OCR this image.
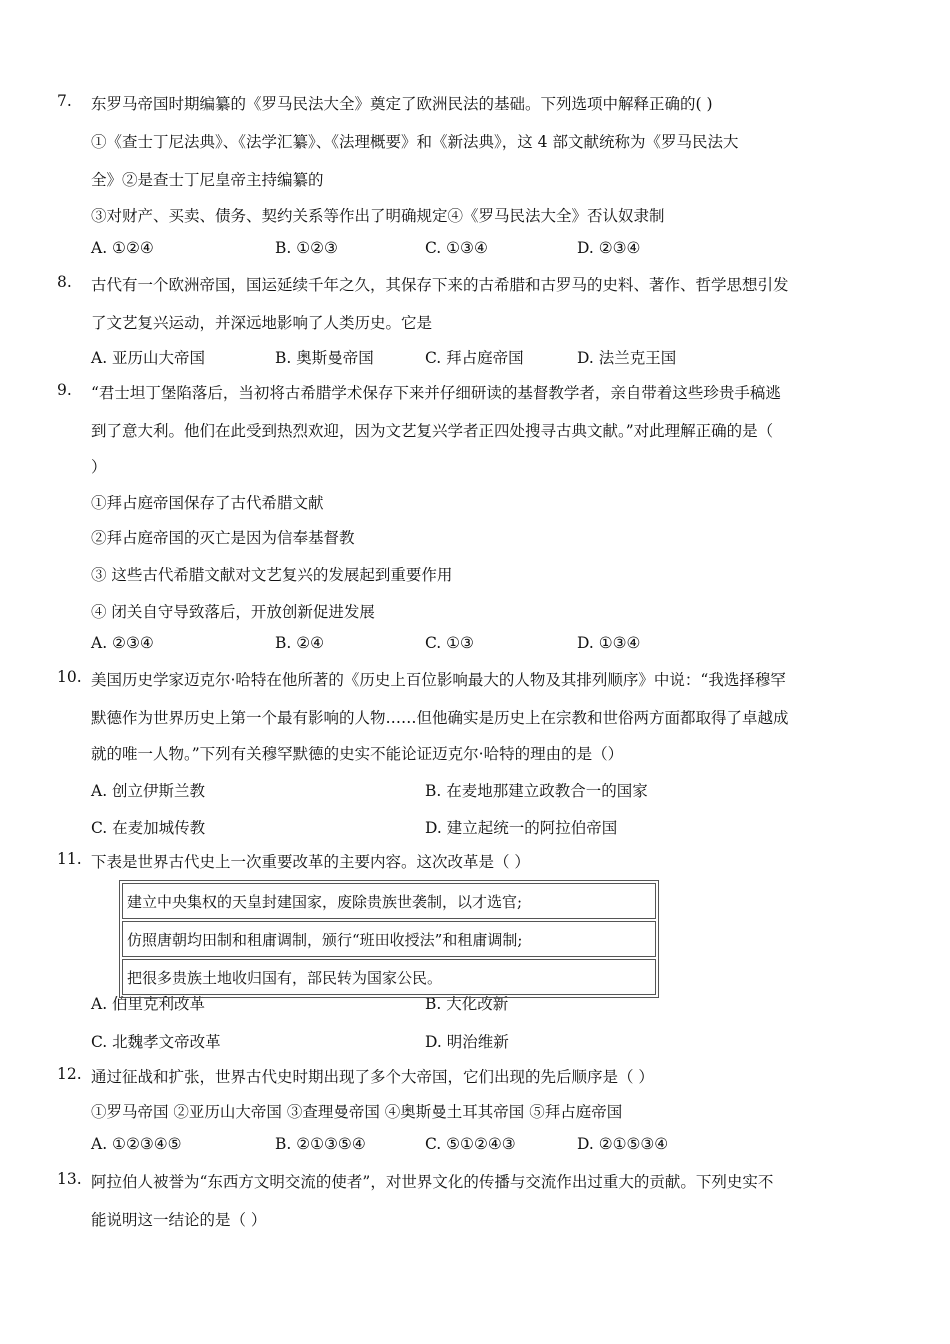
7. 东罗马帝国时期编纂的《罗马民法大全》奠定了欧洲民法的基础。下列选项中解释正确的( )
①《查士丁尼法典》、《法学汇纂》、《法理概要》和《新法典》，这 4 部文献统称为《罗马民法大
全》②是查士丁尼皇帝主持编纂的
③对财产、买卖、债务、契约关系等作出了明确规定④《罗马民法大全》否认奴隶制
A. ①②④	B. ①②③	C. ①③④	D. ②③④
8. 古代有一个欧洲帝国，国运延续千年之久，其保存下来的古希腊和古罗马的史料、著作、哲学思想引发
了文艺复兴运动，并深远地影响了人类历史。它是
A. 亚历山大帝国	B. 奥斯曼帝国	C. 拜占庭帝国	D. 法兰克王国
9. “君士坦丁堡陷落后，当初将古希腊学术保存下来并仔细研读的基督教学者，亲自带着这些珍贵手稿逃
到了意大利。他们在此受到热烈欢迎，因为文艺复兴学者正四处搜寻古典文献。”对此理解正确的是（
）
①拜占庭帝国保存了古代希腊文献
②拜占庭帝国的灭亡是因为信奉基督教
③ 这些古代希腊文献对文艺复兴的发展起到重要作用
④ 闭关自守导致落后，开放创新促进发展
A. ②③④	B. ②④	C. ①③	D. ①③④
10. 美国历史学家迈克尔·哈特在他所著的《历史上百位影响最大的人物及其排列顺序》中说：“我选择穆罕
默德作为世界历史上第一个最有影响的人物……但他确实是历史上在宗教和世俗两方面都取得了卓越成
就的唯一人物。”下列有关穆罕默德的史实不能论证迈克尔·哈特的理由的是（）
A. 创立伊斯兰教	B. 在麦地那建立政教合一的国家
C. 在麦加城传教	D. 建立起统一的阿拉伯帝国
11. 下表是世界古代史上一次重要改革的主要内容。这次改革是（ ）
A. 伯里克利改革	B. 大化改新
C. 北魏孝文帝改革	D. 明治维新
建立中央集权的天皇封建国家，废除贵族世袭制，以才选官;
仿照唐朝均田制和租庸调制，颁行“班田收授法”和租庸调制;
把很多贵族土地收归国有，部民转为国家公民。
12. 通过征战和扩张，世界古代史时期出现了多个大帝国，它们出现的先后顺序是（ ）
①罗马帝国 ②亚历山大帝国 ③查理曼帝国 ④奥斯曼土耳其帝国 ⑤拜占庭帝国
A. ①②③④⑤	B. ②①③⑤④	C. ⑤①②④③	D. ②①⑤③④
13. 阿拉伯人被誉为“东西方文明交流的使者”，对世界文化的传播与交流作出过重大的贡献。下列史实不
能说明这一结论的是（ ）
